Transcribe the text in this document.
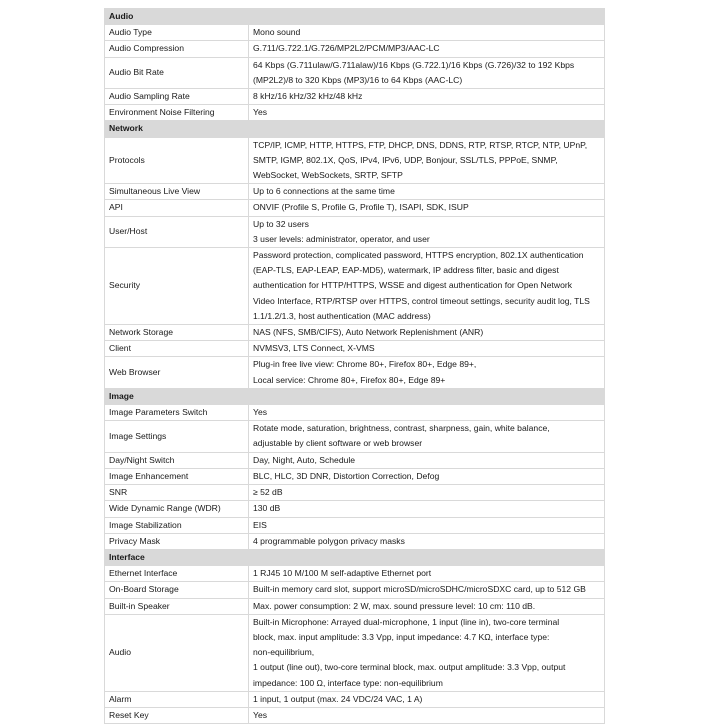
Audio	
Audio Type	Mono sound

Audio Compression	G.711/G.722.1/G.726/MP2L2/PCM/MP3/AAC-LC

Audio Bit Rate	64 Kbps (G.711ulaw/G.711alaw)/16 Kbps (G.722.1)/16 Kbps (G.726)/32 to 192 Kbps
(MP2L2)/8 to 320 Kbps (MP3)/16 to 64 Kbps (AAC-LC)

Audio Sampling Rate	8 kHz/16 kHz/32 kHz/48 kHz

Environment Noise Filtering	Yes

Network	
Protocols	TCP/IP, ICMP, HTTP, HTTPS, FTP, DHCP, DNS, DDNS, RTP, RTSP, RTCP, NTP, UPnP,
SMTP, IGMP, 802.1X, QoS, IPv4, IPv6, UDP, Bonjour, SSL/TLS, PPPoE, SNMP,
WebSocket, WebSockets, SRTP, SFTP

Simultaneous Live View	Up to 6 connections at the same time

API	ONVIF (Profile S, Profile G, Profile T), ISAPI, SDK, ISUP

User/Host	Up to 32 users
3 user levels: administrator, operator, and user

Security	Password protection, complicated password, HTTPS encryption, 802.1X authentication
(EAP-TLS, EAP-LEAP, EAP-MD5), watermark, IP address filter, basic and digest
authentication for HTTP/HTTPS, WSSE and digest authentication for Open Network
Video Interface, RTP/RTSP over HTTPS, control timeout settings, security audit log, TLS
1.1/1.2/1.3, host authentication (MAC address)

Network Storage	NAS (NFS, SMB/CIFS), Auto Network Replenishment (ANR)

Client	NVMSV3, LTS Connect, X-VMS

Web Browser	Plug-in free live view: Chrome 80+, Firefox 80+, Edge 89+,
Local service: Chrome 80+, Firefox 80+, Edge 89+

Image	
Image Parameters Switch	Yes

Image Settings	Rotate mode, saturation, brightness, contrast, sharpness, gain, white balance,
adjustable by client software or web browser

Day/Night Switch	Day, Night, Auto, Schedule

Image Enhancement	BLC, HLC, 3D DNR, Distortion Correction, Defog

SNR	≥ 52 dB

Wide Dynamic Range (WDR)	130 dB

Image Stabilization	EIS

Privacy Mask	4 programmable polygon privacy masks

Interface	
Ethernet Interface	1 RJ45 10 M/100 M self-adaptive Ethernet port

On-Board Storage	Built-in memory card slot, support microSD/microSDHC/microSDXC card, up to 512 GB

Built-in Speaker	Max. power consumption: 2 W, max. sound pressure level: 10 cm: 110 dB.

Audio	Built-in Microphone: Arrayed dual-microphone, 1 input (line in), two-core terminal
block, max. input amplitude: 3.3 Vpp, input impedance: 4.7 KΩ, interface type:
non-equilibrium,
1 output (line out), two-core terminal block, max. output amplitude: 3.3 Vpp, output
impedance: 100 Ω, interface type: non-equilibrium

Alarm	1 input, 1 output (max. 24 VDC/24 VAC, 1 A)

Reset Key	Yes
